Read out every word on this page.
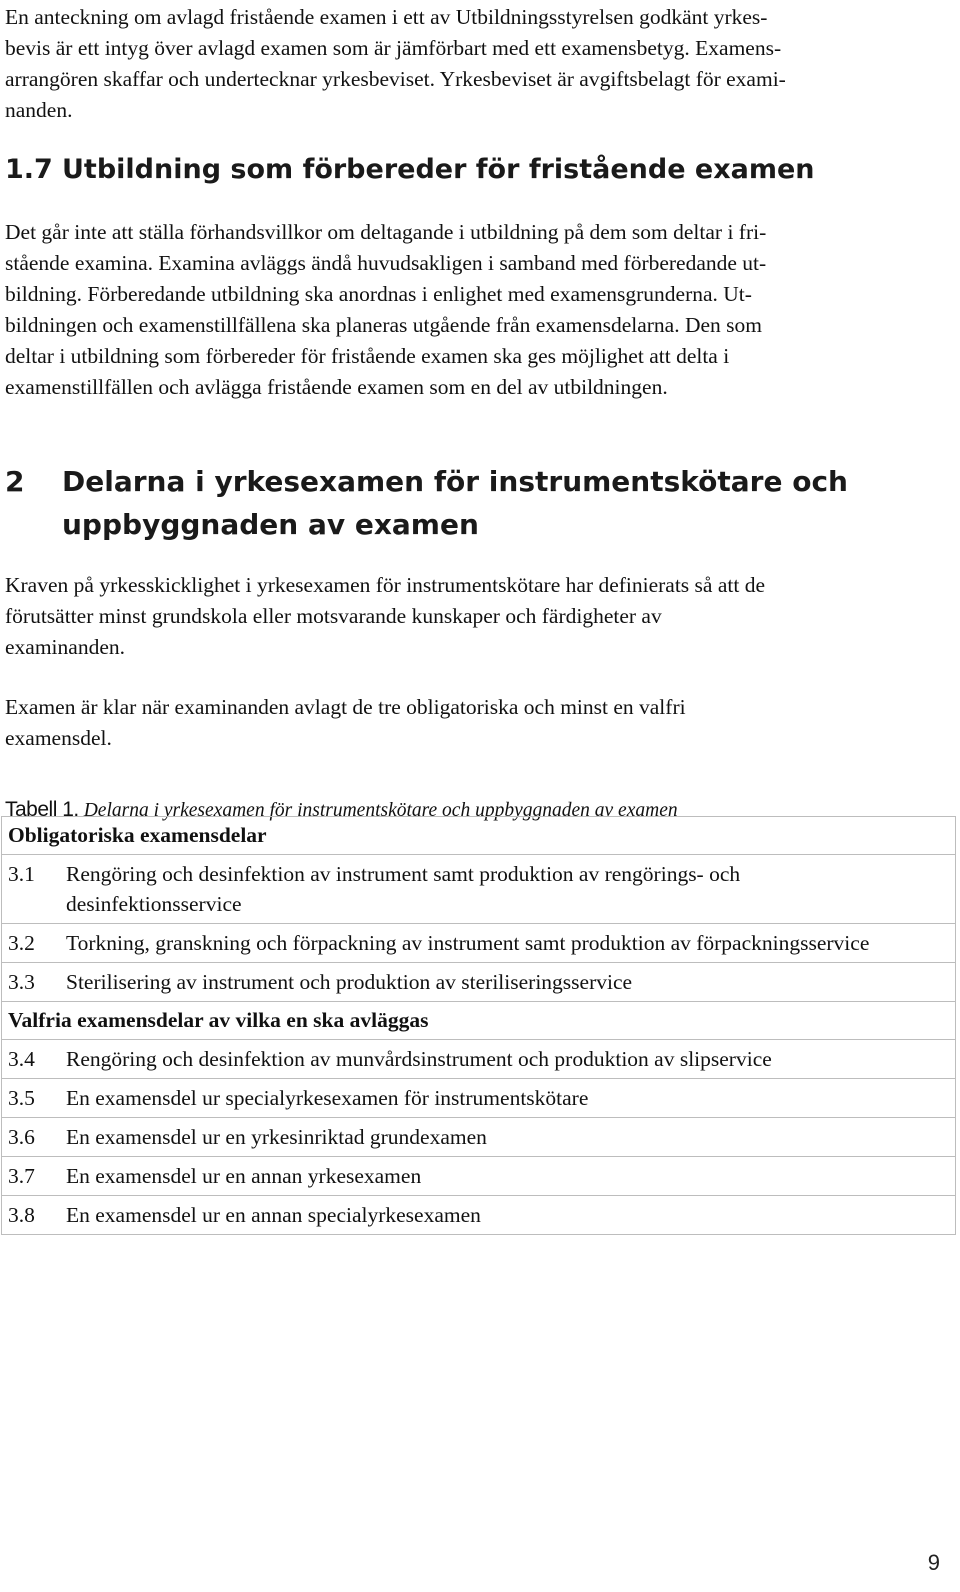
En anteckning om avlagd fristående examen i ett av Utbildningsstyrelsen godkänt yrkes-
bevis är ett intyg över avlagd examen som är jämförbart med ett examensbetyg. Examens-
arrangören skaffar och undertecknar yrkesbeviset. Yrkesbeviset är avgiftsbelagt för exami-
nanden.

1.7 Utbildning som förbereder för fristående examen

Det går inte att ställa förhandsvillkor om deltagande i utbildning på dem som deltar i fri-
stående examina. Examina avläggs ändå huvudsakligen i samband med förberedande ut-
bildning. Förberedande utbildning ska anordnas i enlighet med examensgrunderna. Ut-
bildningen och examenstillfällena ska planeras utgående från examensdelarna. Den som
deltar i utbildning som förbereder för fristående examen ska ges möjlighet att delta i
examenstillfällen och avlägga fristående examen som en del av utbildningen.

2 Delarna i yrkesexamen för instrumentskötare och
uppbyggnaden av examen

Kraven på yrkesskicklighet i yrkesexamen för instrumentskötare har definierats så att de
förutsätter minst grundskola eller motsvarande kunskaper och färdigheter av
examinanden.

Examen är klar när examinanden avlagt de tre obligatoriska och minst en valfri
examensdel.

Tabell 1. Delarna i yrkesexamen för instrumentskötare och uppbyggnaden av examen

Obligatoriska examensdelar
3.1 Rengöring och desinfektion av instrument samt produktion av rengörings- och desinfektionsservice
3.2 Torkning, granskning och förpackning av instrument samt produktion av förpackningsservice
3.3 Sterilisering av instrument och produktion av steriliseringsservice
Valfria examensdelar av vilka en ska avläggas
3.4 Rengöring och desinfektion av munvårdsinstrument och produktion av slipservice
3.5 En examensdel ur specialyrkesexamen för instrumentskötare
3.6 En examensdel ur en yrkesinriktad grundexamen
3.7 En examensdel ur en annan yrkesexamen
3.8 En examensdel ur en annan specialyrkesexamen
9
